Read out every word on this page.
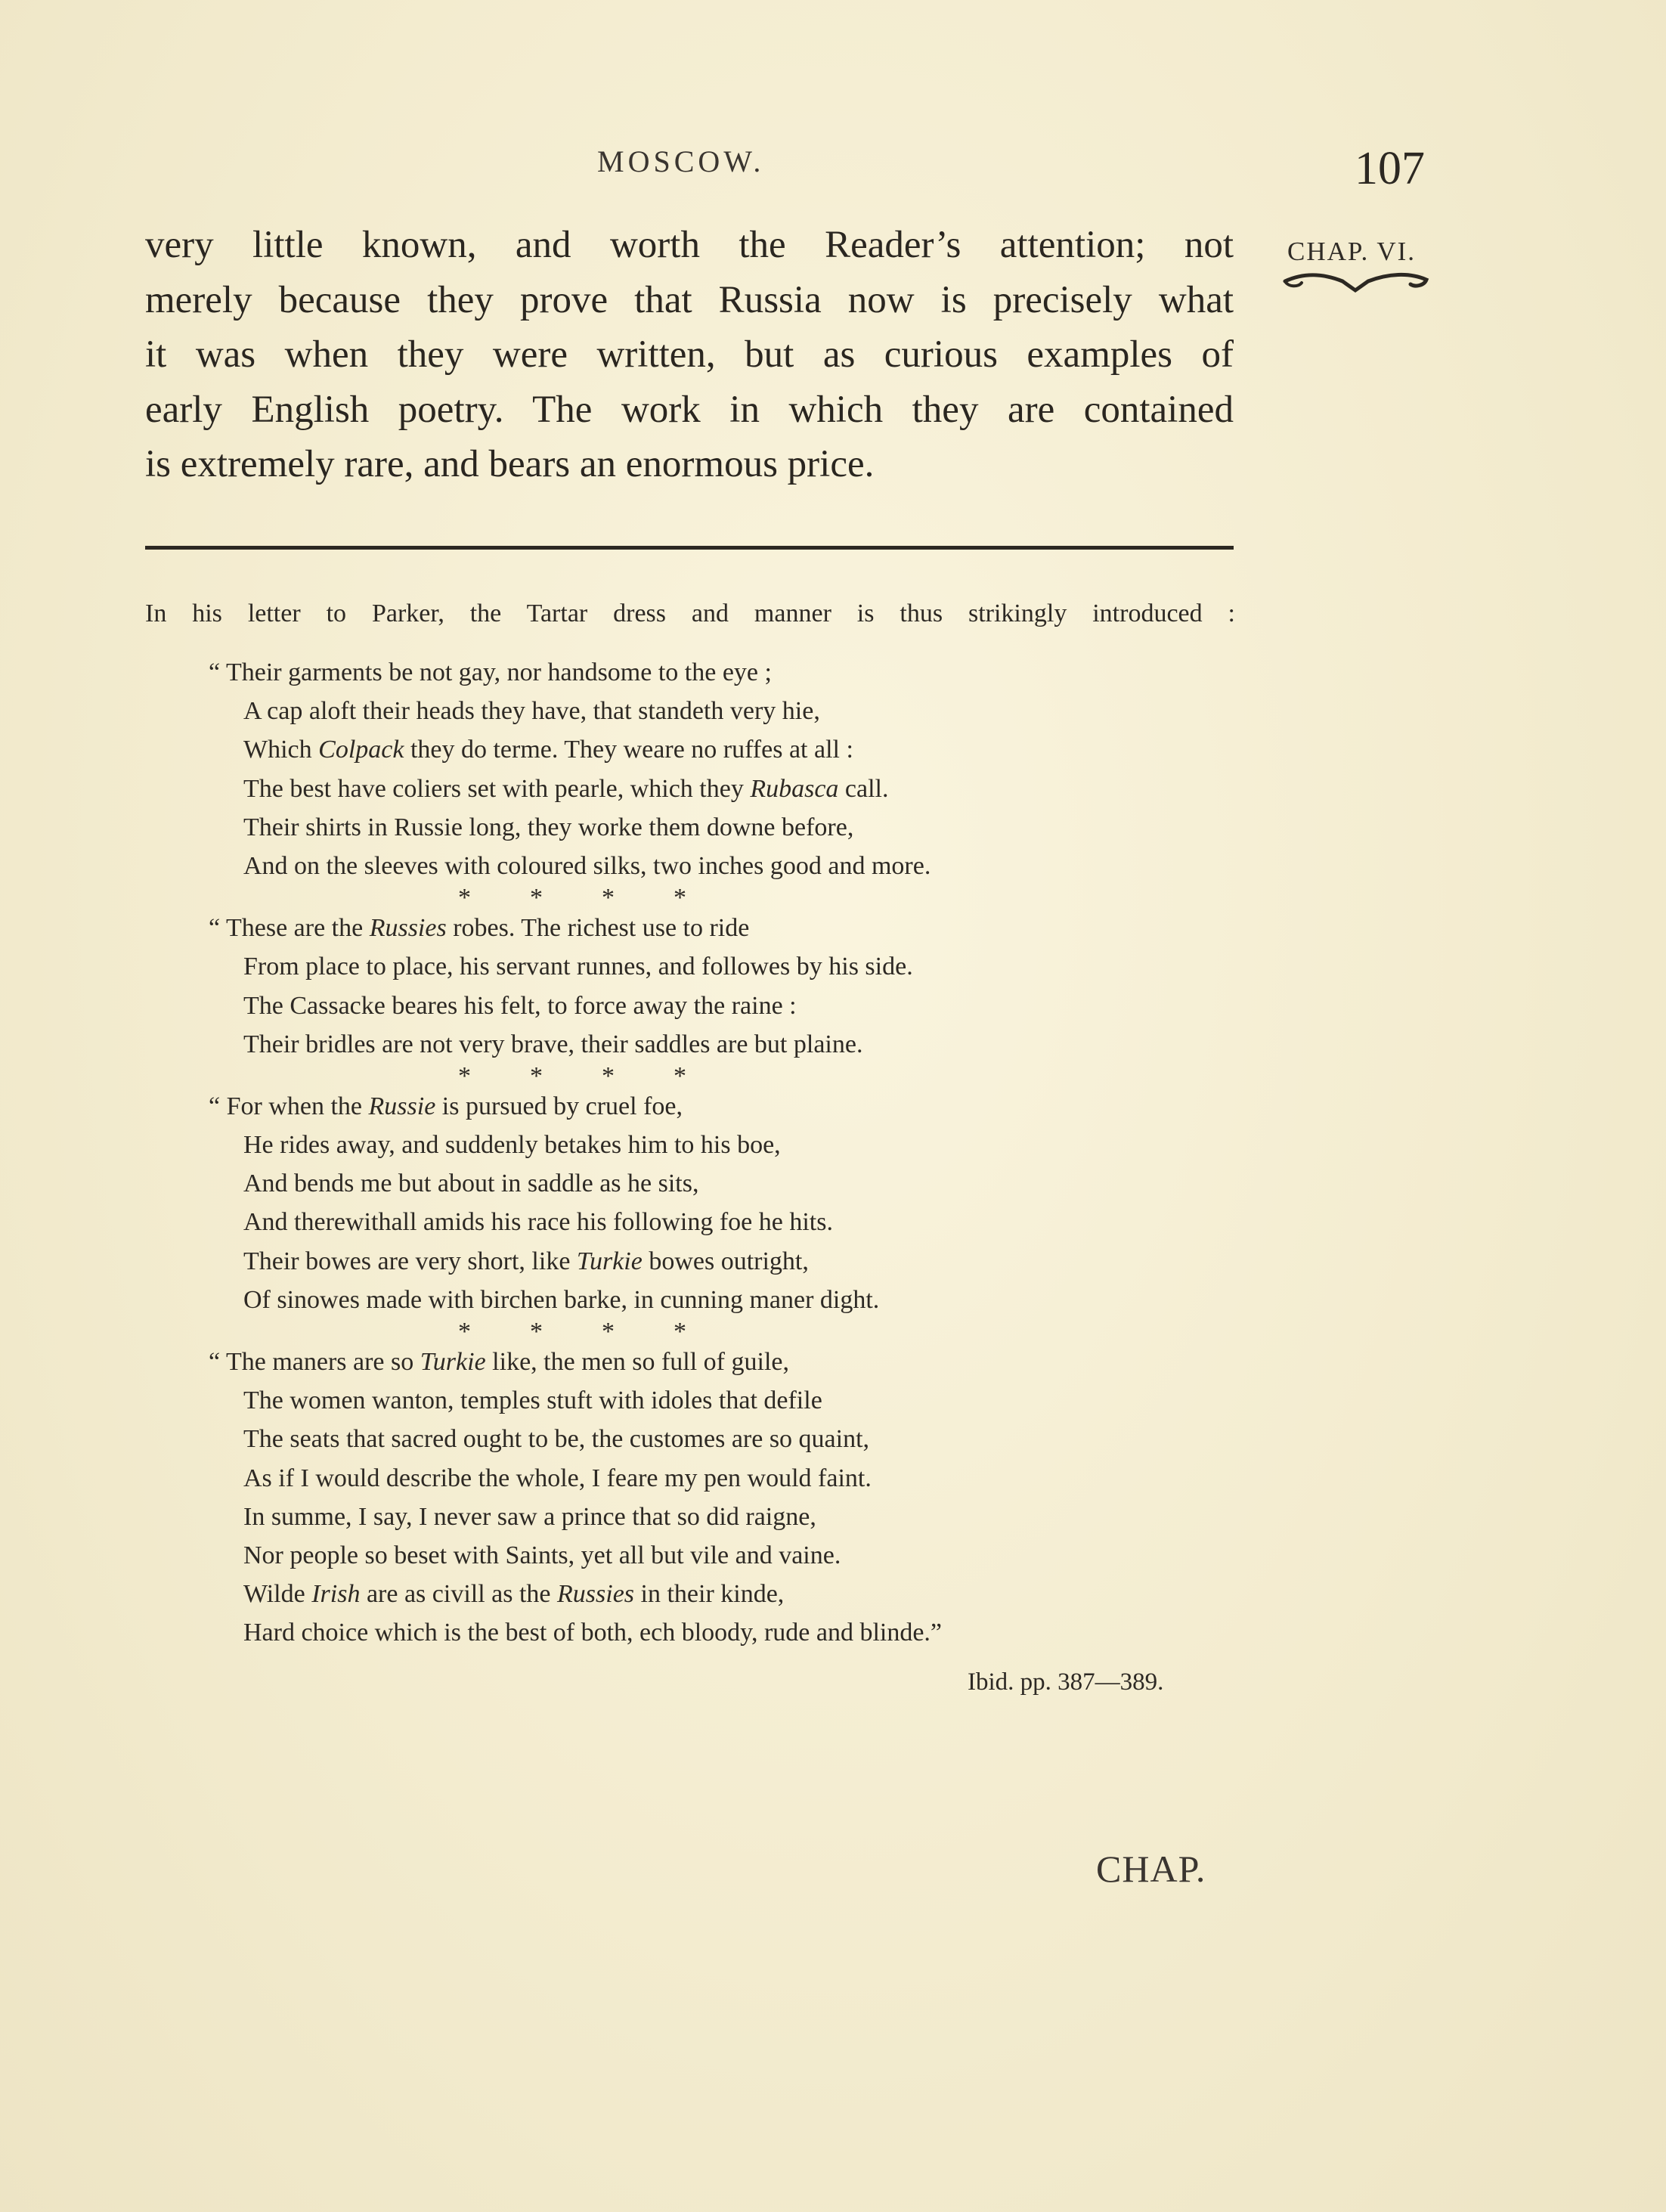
MOSCOW.	107
CHAP. VI.
very little known, and worth the Reader’s attention; not
merely because they prove that Russia now is precisely what
it was when they were written, but as curious examples of
early English poetry. The work in which they are contained
is extremely rare, and bears an enormous price.
In his letter to Parker, the Tartar dress and manner is thus strikingly introduced :
“ Their garments be not gay, nor handsome to the eye ;
A cap aloft their heads they have, that standeth very hie,
Which Colpack they do terme. They weare no ruffes at all :
The best have coliers set with pearle, which they Rubasca call.
Their shirts in Russie long, they worke them downe before,
And on the sleeves with coloured silks, two inches good and more.
* * * *
“ These are the Russies robes. The richest use to ride
From place to place, his servant runnes, and followes by his side.
The Cassacke beares his felt, to force away the raine :
Their bridles are not very brave, their saddles are but plaine.
* * * *
“ For when the Russie is pursued by cruel foe,
He rides away, and suddenly betakes him to his boe,
And bends me but about in saddle as he sits,
And therewithall amids his race his following foe he hits.
Their bowes are very short, like Turkie bowes outright,
Of sinowes made with birchen barke, in cunning maner dight.
* * * *
“ The maners are so Turkie like, the men so full of guile,
The women wanton, temples stuft with idoles that defile
The seats that sacred ought to be, the customes are so quaint,
As if I would describe the whole, I feare my pen would faint.
In summe, I say, I never saw a prince that so did raigne,
Nor people so beset with Saints, yet all but vile and vaine.
Wilde Irish are as civill as the Russies in their kinde,
Hard choice which is the best of both, ech bloody, rude and blinde.”
Ibid. pp. 387—389.
CHAP.
